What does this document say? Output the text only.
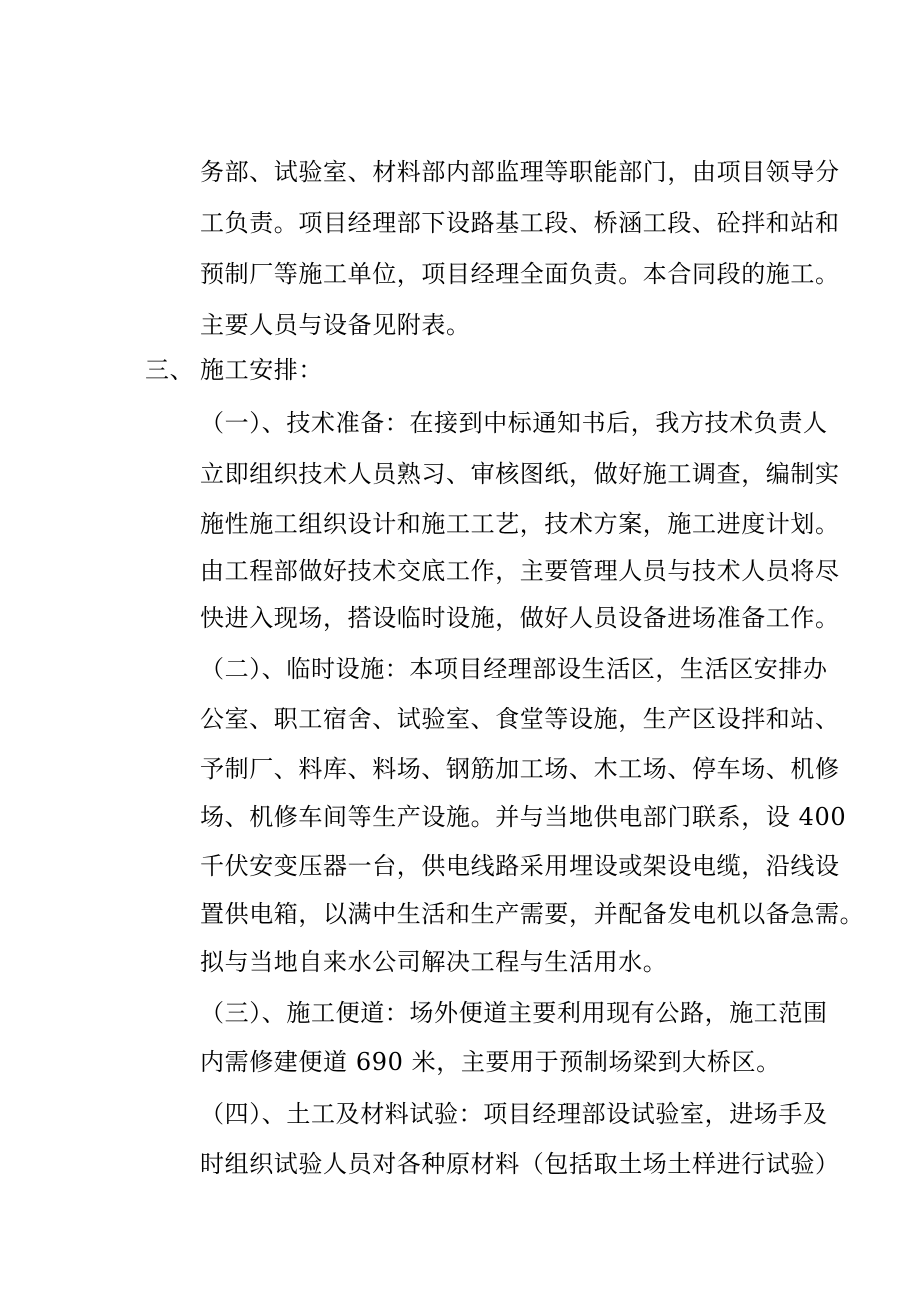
务部、试验室、材料部内部监理等职能部门，由项目领导分
工负责。项目经理部下设路基工段、桥涵工段、砼拌和站和
预制厂等施工单位，项目经理全面负责。本合同段的施工。
主要人员与设备见附表。
三、 施工安排：
（一）、技术准备：在接到中标通知书后，我方技术负责人
立即组织技术人员熟习、审核图纸，做好施工调查，编制实
施性施工组织设计和施工工艺，技术方案，施工进度计划。
由工程部做好技术交底工作，主要管理人员与技术人员将尽
快进入现场，搭设临时设施，做好人员设备进场准备工作。
（二）、临时设施：本项目经理部设生活区，生活区安排办
公室、职工宿舍、试验室、食堂等设施，生产区设拌和站、
予制厂、料库、料场、钢筋加工场、木工场、停车场、机修
场、机修车间等生产设施。并与当地供电部门联系，设 400
千伏安变压器一台，供电线路采用埋设或架设电缆，沿线设
置供电箱，以满中生活和生产需要，并配备发电机以备急需。
拟与当地自来水公司解决工程与生活用水。
（三）、施工便道：场外便道主要利用现有公路，施工范围
内需修建便道 690 米，主要用于预制场梁到大桥区。
（四）、土工及材料试验：项目经理部设试验室，进场手及
时组织试验人员对各种原材料（包括取土场土样进行试验）
